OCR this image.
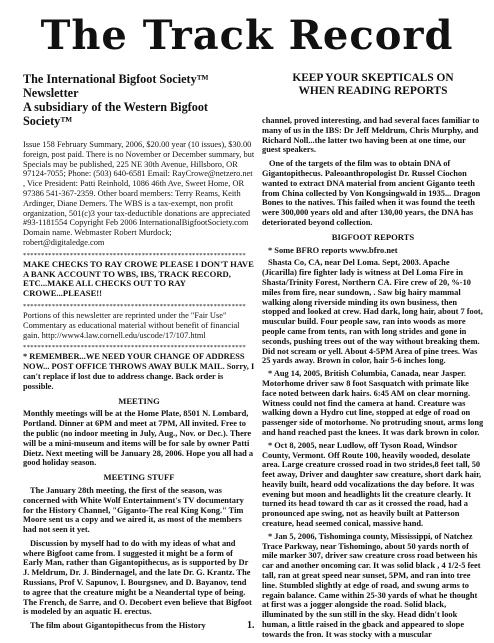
The Track Record
The International Bigfoot Society™ Newsletter
A subsidiary of the Western Bigfoot Society™

Issue 158 February Summary, 2006, $20.00 year (10 issues), $30.00 foreign, post paid. There is no November or December summary, but Specials may be published, 225 NE 30th Avenue, Hillsboro, OR 97124-7055; Phone: (503) 640-6581 Email: RayCrowe@netzero.net , Vice President: Patti Reinhold, 1086 46th Ave, Sweet Home, OR 97386 541-367-2359. Other board members: Terry Reams, Keith Ardinger, Diane Demers. The WBS is a tax-exempt, non profit organization, 501(c)3 your tax-deductible donations are appreciated #93-1181554 Copyright Feb 2006 InternationalBigfootSociety.com Domain name. Webmaster Robert Murdock; robert@digitaledge.com

**************************************************************

MAKE CHECKS TO RAY CROWE PLEASE I DON'T HAVE A BANK ACCOUNT TO WBS, IBS, TRACK RECORD, ETC...MAKE ALL CHECKS OUT TO RAY CROWE...PLEASE!!

**************************************************************

Portions of this newsletter are reprinted under the "Fair Use" Commentary as educational material without benefit of financial gain. http://www4.law.cornell.edu/uscode/17/107.html

**************************************************************

* REMEMBER...WE NEED YOUR CHANGE OF ADDRESS NOW... POST OFFICE THROWS AWAY BULK MAIL. Sorry, I can't replace if lost due to address change. Back order is possible.

MEETING

Monthly meetings will be at the Home Plate, 8501 N. Lombard, Portland. Dinner at 6PM and meet at 7PM, All invited. Free to the public (no indoor meeting in July, Aug., Nov. or Dec.). There will be a mini-museum and items will be for sale by owner Patti Dietz. Next meeting will be January 28, 2006. Hope you all had a good holiday season.

MEETING STUFF

The January 28th meeting, the first of the season, was concerned with White Wolf Entertainment's TV documentary for the History Channel, "Giganto-The real King Kong." Tim Moore sent us a copy and we aired it, as most of the members had not seen it yet.

Discussion by myself had to do with my ideas of what and where Bigfoot came from. I suggested it might be a form of Early Man, rather than Gigantopithecus, as is supported by Dr J. Meldrum, Dr. J. Bindernagel, and the late Dr. G. Krantz. The Russians, Prof V. Sapunov, I. Bourgsnev, and D. Bayanov, tend to agree that the creature might be a Neandertal type of being. The French, de Sarre, and O. Decobert even believe that Bigfoot is modeled by an aquatic H. erectus.

The film about Gigantopithecus from the History

KEEP YOUR SKEPTICALS ON
WHEN READING REPORTS

channel, proved interesting, and had several faces familiar to many of us in the IBS: Dr Jeff Meldrum, Chris Murphy, and Richard Noll...the latter two having been at one time, our guest speakers.

One of the targets of the film was to obtain DNA of Gigantopithecus. Paleoanthropologist Dr. Russel Ciochon wanted to extract DNA material from ancient Giganto teeth from China collected by Von Kongsingwald in 1935... Dragon Bones to the natives. This failed when it was found the teeth were 300,000 years old and after 130,00 years, the DNA has deteriorated beyond collection.

BIGFOOT REPORTS

* Some BFRO reports www.bfro.net

Shasta Co, CA, near Del Loma. Sept, 2003. Apache (Jicarilla) fire fighter lady is witness at Del Loma Fire in Shasta/Trinity Forest, Northern CA. Fire crew of 20, %-10 miles from fire, near sundown, . Saw big hairy mammal walking along riverside minding its own business, then stopped and looked at crew. Had dark, long hair, about 7 foot, muscular build. Four people saw, ran into woods as more people came from tents, ran with long strides and gone in seconds, pushing trees out of the way without breaking them. Did not scream or yell. About 4-5PM Area of pine trees. Was 25 yards away. Brown in color, hair 5-6 inches long.

* Aug 14, 2005, British Columbia, Canada, near Jasper. Motorhome driver saw 8 foot Sasquatch with primate like face noted between dark hairs. 6:45 AM on clear morning. Witness could not find the camera at hand. Creature was walking down a Hydro cut line, stopped at edge of road on passenger side of motorhome. No protruding snout, arms long and hand reached past the knees. It was dark brown in color.

* Oct 8, 2005, near Ludlow, off Tyson Road, Windsor County, Vermont. Off Route 100, heavily wooded, desolate area. Large creature crossed road in two strides,8 feet tall, 50 feet away, Driver and daughter saw creature, short dark hair, heavily built, heard odd vocalizations the day before. It was evening but moon and headlights lit the creature clearly. It turned its head toward th car as it crossed the road, had a pronounced ape swing, not as heavily built at Patterson creature, head seemed conical, massive hand.

* Jan 5, 2006, Tishominga county, Mississippi, of Natchez Trace Parkway, near Tishomingo, about 50 yards north of mile marker 307, driver saw creature cross road between his car and another oncoming car. It was solid black , 4 1/2-5 feet tall, ran at great speed near sunset, 5PM, and ran into tree line. Stumbled slightly at edge of road, and swung arms to regain balance. Came within 25-30 yards of what he thought at first was a jogger alongside the road. Solid black, illuminated by the sun still in the sky. Head didn't look human, a little raised in the gback and appeared to slope towards the fron. It was stocky with a muscular

1.
